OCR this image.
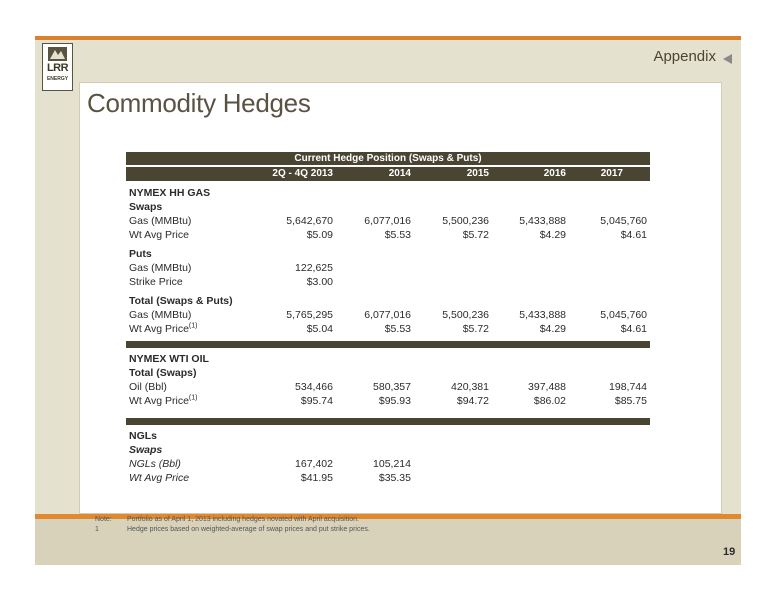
LRR
ENERGY
Appendix
Commodity Hedges
Current Hedge Position (Swaps & Puts)
2Q - 4Q 2013	2014	2015	2016	2017
NYMEX HH GAS
Swaps
Gas (MMBtu)	5,642,670	6,077,016	5,500,236	5,433,888	5,045,760
Wt Avg Price	$5.09	$5.53	$5.72	$4.29	$4.61
Puts
Gas (MMBtu)	122,625
Strike Price	$3.00
Total (Swaps & Puts)
Gas (MMBtu)	5,765,295	6,077,016	5,500,236	5,433,888	5,045,760
Wt Avg Price$^{(1)}$	$5.04	$5.53	$5.72	$4.29	$4.61
NYMEX WTI OIL
Total (Swaps)
Oil (Bbl)	534,466	580,357	420,381	397,488	198,744
Wt Avg Price$^{(1)}$	$95.74	$95.93	$94.72	$86.02	$85.75
NGLs
Swaps
NGLs (Bbl)	167,402	105,214
Wt Avg Price	$41.95	$35.35
Note: Portfolio as of April 1, 2013 including hedges novated with April acquisition.
1	Hedge prices based on weighted-average of swap prices and put strike prices.
19
